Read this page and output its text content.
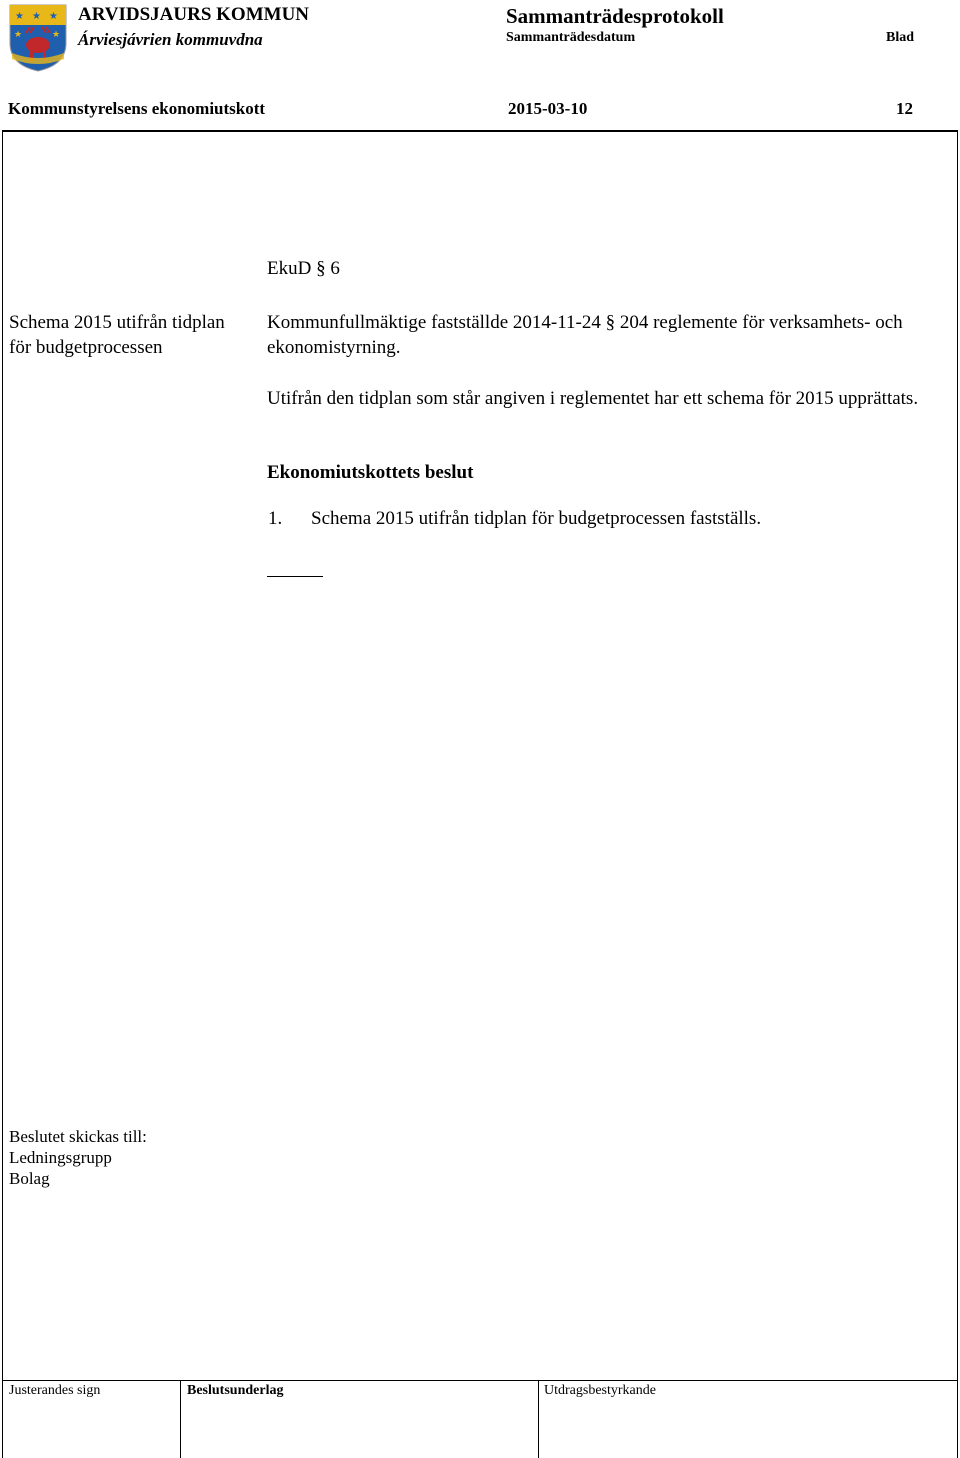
★ ★ ★
★	★
ARVIDSJAURS KOMMUN
Árviesjávrien kommuvdna
Sammanträdesprotokoll
Sammanträdesdatum	Blad
Kommunstyrelsens ekonomiutskott	2015-03-10	12
EkuD § 6
Schema 2015 utifrån tidplan för budgetprocessen
Kommunfullmäktige fastställde 2014-11-24 § 204 reglemente för verksamhets- och ekonomistyrning.
Utifrån den tidplan som står angiven i reglementet har ett schema för 2015 upprättats.
Ekonomiutskottets beslut
1. Schema 2015 utifrån tidplan för budgetprocessen fastställs.
Beslutet skickas till:
Ledningsgrupp
Bolag
Justerandes sign	Beslutsunderlag	Utdragsbestyrkande
